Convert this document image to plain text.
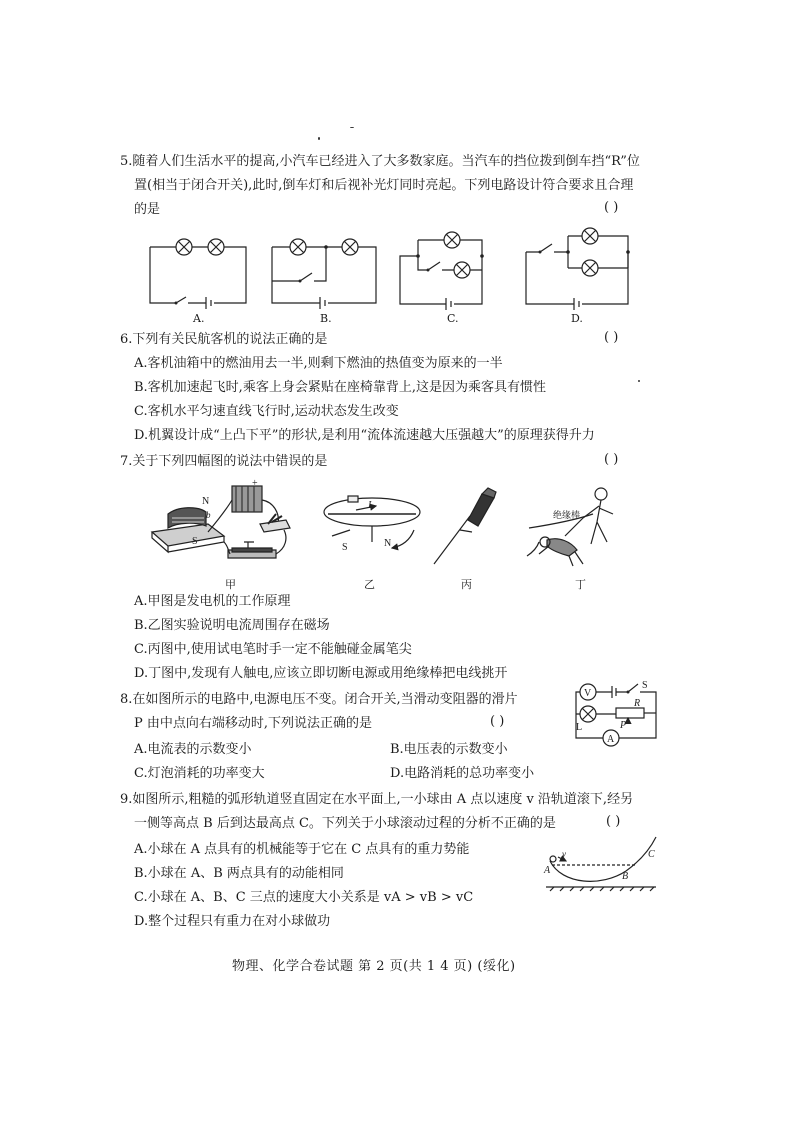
5.随着人们生活水平的提高,小汽车已经进入了大多数家庭。当汽车的挡位拨到倒车挡“R”位
置(相当于闭合开关),此时,倒车灯和后视补光灯同时亮起。下列电路设计符合要求且合理
的是	( )
A.	B.	C.	D.
6.下列有关民航客机的说法正确的是	( )
A.客机油箱中的燃油用去一半,则剩下燃油的热值变为原来的一半
B.客机加速起飞时,乘客上身会紧贴在座椅靠背上,这是因为乘客具有惯性
C.客机水平匀速直线飞行时,运动状态发生改变
D.机翼设计成“上凸下平”的形状,是利用“流体流速越大压强越大”的原理获得升力
7.关于下列四幅图的说法中错误的是	( )
N
b
S
+
甲
I
S	N
乙	丙
绝缘棒
丁
A.甲图是发电机的工作原理
B.乙图实验说明电流周围存在磁场
C.丙图中,使用试电笔时手一定不能触碰金属笔尖
D.丁图中,发现有人触电,应该立即切断电源或用绝缘棒把电线挑开
8.在如图所示的电路中,电源电压不变。闭合开关,当滑动变阻器的滑片
P 由中点向右端移动时,下列说法正确的是	( )
A.电流表的示数变小	B.电压表的示数变小
C.灯泡消耗的功率变大	D.电路消耗的总功率变小
V
A
L
R
P
S
9.如图所示,粗糙的弧形轨道竖直固定在水平面上,一小球由 A 点以速度 v 沿轨道滚下,经另
一侧等高点 B 后到达最高点 C。下列关于小球滚动过程的分析不正确的是	( )
A.小球在 A 点具有的机械能等于它在 C 点具有的重力势能
B.小球在 A、B 两点具有的动能相同
C.小球在 A、B、C 三点的速度大小关系是 vA > vB > vC
D.整个过程只有重力在对小球做功
A
B
C
v
物理、化学合卷试题 第 2 页(共 1 4 页) (绥化)
